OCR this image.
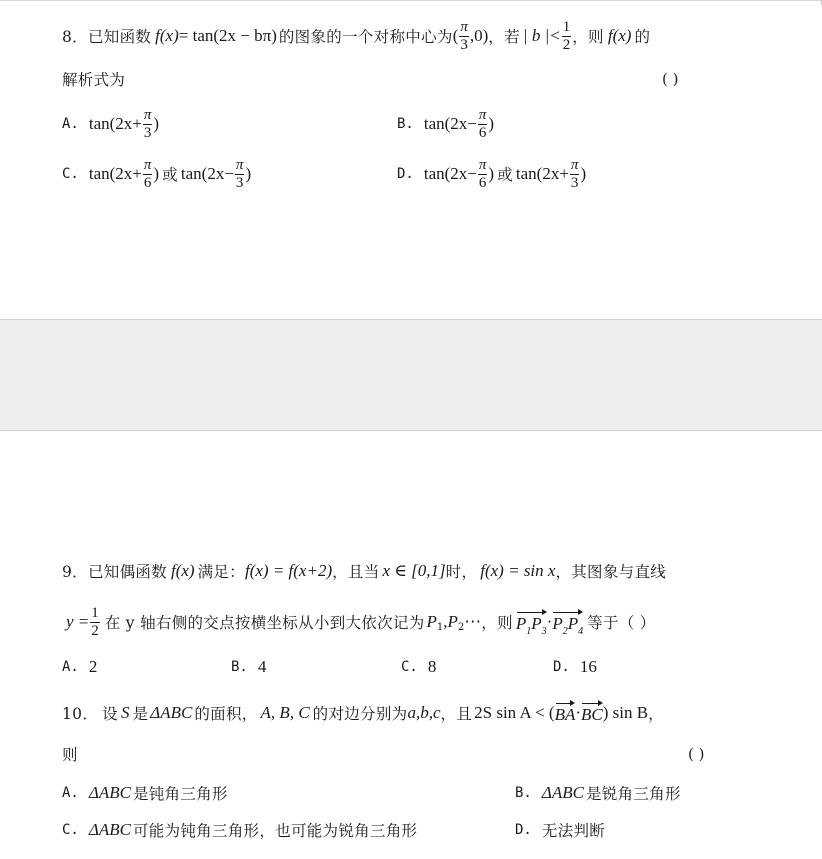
8． 已知函数 f(x) = tan(2x − bπ) 的图象的一个对称中心为 ( $\frac{\pi}{3} ,0$) ，若 | b |< $\frac{1}{2}$ ，则 f(x) 的
解析式为	( )
A. $\tan(2x+ \frac{\pi}{3}$ )	B. $\tan(2x- \frac{\pi}{6}$ )
C. $\tan(2x+ \frac{\pi}{6}$ ) 或 $\tan(2x- \frac{\pi}{3}$ )	D. $\tan(2x- \frac{\pi}{6}$ ) 或 $\tan(2x+ \frac{\pi}{3}$ )
9． 已知偶函数 f(x) 满足： f(x) = f(x+2) ，且当 x ∈ [0,1] 时， f(x) = sin x ，其图象与直线
$y = \frac{1}{2}$ 在 y 轴右侧的交点按横坐标从小到大依次记为 P 1 , P 2 ⋯ ，则 $P_1P_3 \cdot P_2P_4$ 等于（ ）
A. 2	B. 4	C. 8	D. 16
10． 设 S 是 ΔABC 的面积， A, B, C 的对边分别为 a,b,c ，且 2S sin A < ( BA · BC ) sin B ，
则	( )
A. ΔABC 是钝角三角形	B. ΔABC 是锐角三角形
C. ΔABC 可能为钝角三角形，也可能为锐角三角形	D. 无法判断
